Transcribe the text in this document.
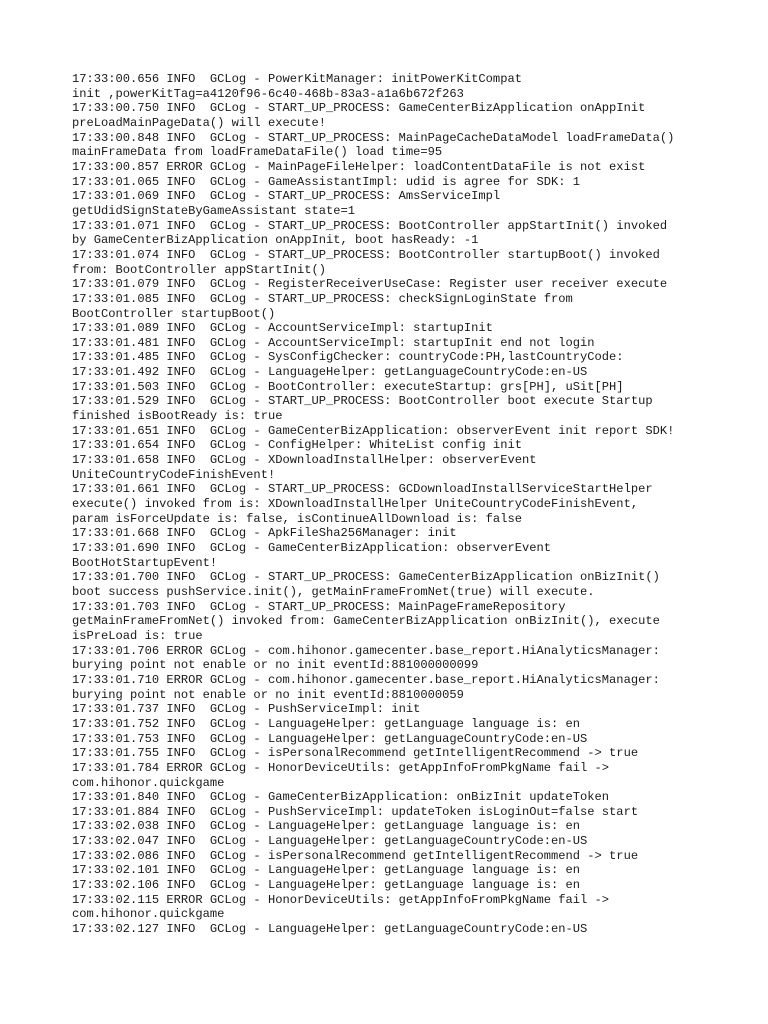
17:33:00.656 INFO  GCLog - PowerKitManager: initPowerKitCompat
init ,powerKitTag=a4120f96-6c40-468b-83a3-a1a6b672f263
17:33:00.750 INFO  GCLog - START_UP_PROCESS: GameCenterBizApplication onAppInit
preLoadMainPageData() will execute!
17:33:00.848 INFO  GCLog - START_UP_PROCESS: MainPageCacheDataModel loadFrameData()
mainFrameData from loadFrameDataFile() load time=95
17:33:00.857 ERROR GCLog - MainPageFileHelper: loadContentDataFile is not exist
17:33:01.065 INFO  GCLog - GameAssistantImpl: udid is agree for SDK: 1
17:33:01.069 INFO  GCLog - START_UP_PROCESS: AmsServiceImpl
getUdidSignStateByGameAssistant state=1
17:33:01.071 INFO  GCLog - START_UP_PROCESS: BootController appStartInit() invoked
by GameCenterBizApplication onAppInit, boot hasReady: -1
17:33:01.074 INFO  GCLog - START_UP_PROCESS: BootController startupBoot() invoked
from: BootController appStartInit()
17:33:01.079 INFO  GCLog - RegisterReceiverUseCase: Register user receiver execute
17:33:01.085 INFO  GCLog - START_UP_PROCESS: checkSignLoginState from
BootController startupBoot()
17:33:01.089 INFO  GCLog - AccountServiceImpl: startupInit
17:33:01.481 INFO  GCLog - AccountServiceImpl: startupInit end not login
17:33:01.485 INFO  GCLog - SysConfigChecker: countryCode:PH,lastCountryCode:
17:33:01.492 INFO  GCLog - LanguageHelper: getLanguageCountryCode:en-US
17:33:01.503 INFO  GCLog - BootController: executeStartup: grs[PH], uSit[PH]
17:33:01.529 INFO  GCLog - START_UP_PROCESS: BootController boot execute Startup
finished isBootReady is: true
17:33:01.651 INFO  GCLog - GameCenterBizApplication: observerEvent init report SDK!
17:33:01.654 INFO  GCLog - ConfigHelper: WhiteList config init
17:33:01.658 INFO  GCLog - XDownloadInstallHelper: observerEvent
UniteCountryCodeFinishEvent!
17:33:01.661 INFO  GCLog - START_UP_PROCESS: GCDownloadInstallServiceStartHelper
execute() invoked from is: XDownloadInstallHelper UniteCountryCodeFinishEvent,
param isForceUpdate is: false, isContinueAllDownload is: false
17:33:01.668 INFO  GCLog - ApkFileSha256Manager: init
17:33:01.690 INFO  GCLog - GameCenterBizApplication: observerEvent
BootHotStartupEvent!
17:33:01.700 INFO  GCLog - START_UP_PROCESS: GameCenterBizApplication onBizInit()
boot success pushService.init(), getMainFrameFromNet(true) will execute.
17:33:01.703 INFO  GCLog - START_UP_PROCESS: MainPageFrameRepository
getMainFrameFromNet() invoked from: GameCenterBizApplication onBizInit(), execute
isPreLoad is: true
17:33:01.706 ERROR GCLog - com.hihonor.gamecenter.base_report.HiAnalyticsManager:
burying point not enable or no init eventId:881000000099
17:33:01.710 ERROR GCLog - com.hihonor.gamecenter.base_report.HiAnalyticsManager:
burying point not enable or no init eventId:8810000059
17:33:01.737 INFO  GCLog - PushServiceImpl: init
17:33:01.752 INFO  GCLog - LanguageHelper: getLanguage language is: en
17:33:01.753 INFO  GCLog - LanguageHelper: getLanguageCountryCode:en-US
17:33:01.755 INFO  GCLog - isPersonalRecommend getIntelligentRecommend -> true
17:33:01.784 ERROR GCLog - HonorDeviceUtils: getAppInfoFromPkgName fail ->
com.hihonor.quickgame
17:33:01.840 INFO  GCLog - GameCenterBizApplication: onBizInit updateToken
17:33:01.884 INFO  GCLog - PushServiceImpl: updateToken isLoginOut=false start
17:33:02.038 INFO  GCLog - LanguageHelper: getLanguage language is: en
17:33:02.047 INFO  GCLog - LanguageHelper: getLanguageCountryCode:en-US
17:33:02.086 INFO  GCLog - isPersonalRecommend getIntelligentRecommend -> true
17:33:02.101 INFO  GCLog - LanguageHelper: getLanguage language is: en
17:33:02.106 INFO  GCLog - LanguageHelper: getLanguage language is: en
17:33:02.115 ERROR GCLog - HonorDeviceUtils: getAppInfoFromPkgName fail ->
com.hihonor.quickgame
17:33:02.127 INFO  GCLog - LanguageHelper: getLanguageCountryCode:en-US
